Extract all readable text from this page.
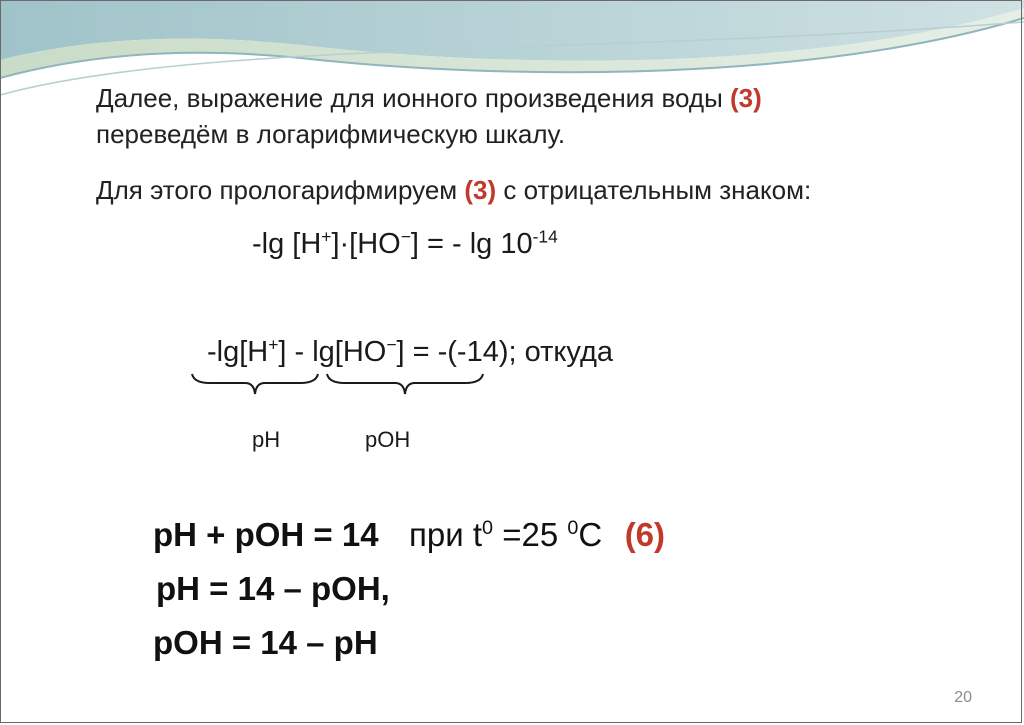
Далее, выражение для ионного произведения воды (3)
переведём в логарифмическую шкалу.
Для этого прологарифмируем (3) с отрицательным знаком:
-lg [H+]·[HO−] = - $\lg 10^{-14}$
-lg[H+] - lg[HO−] = -(-14); откуда
pH	pOH
pH + pOH = 14 при $t^0 =25$ $^0$C (6)
pH = 14 – pOH,
pOH = 14 – pH
20
